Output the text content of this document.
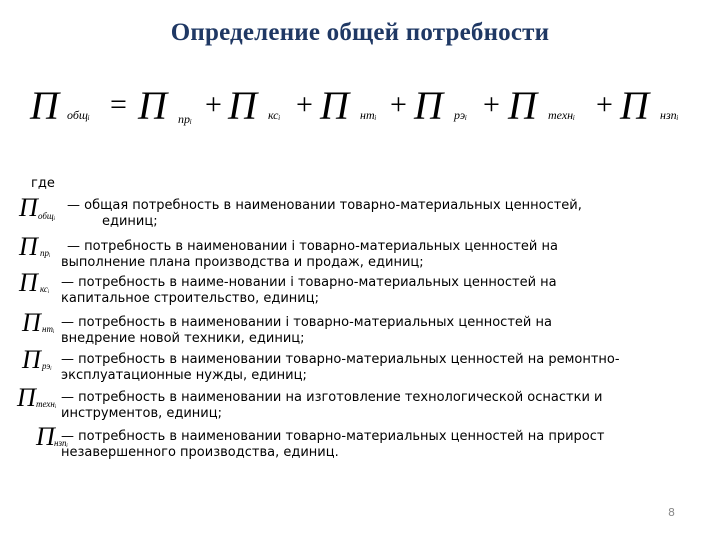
Определение общей потребности
П общᵢ = П прᵢ + П ксᵢ + П нтᵢ + П рэᵢ + П технᵢ + П нзпᵢ
где
П общᵢ
— общая потребность в наименовании товарно-материальных ценностей,
единиц;
П прᵢ — потребность в наименовании i товарно-материальных ценностей на
выполнение плана производства и продаж, единиц;
П ксᵢ — потребность в наиме-новании i товарно-материальных ценностей на
капитальное строительство, единиц;
П нтᵢ — потребность в наименовании i товарно-материальных ценностей на
внедрение новой техники, единиц;
П рэᵢ — потребность в наименовании товарно-материальных ценностей на ремонтно-
эксплуатационные нужды, единиц;
П технᵢ — потребность в наименовании на изготовление технологической оснастки и
инструментов, единиц;
П нзпᵢ
— потребность в наименовании товарно-материальных ценностей на прирост
незавершенного производства, единиц.
8
